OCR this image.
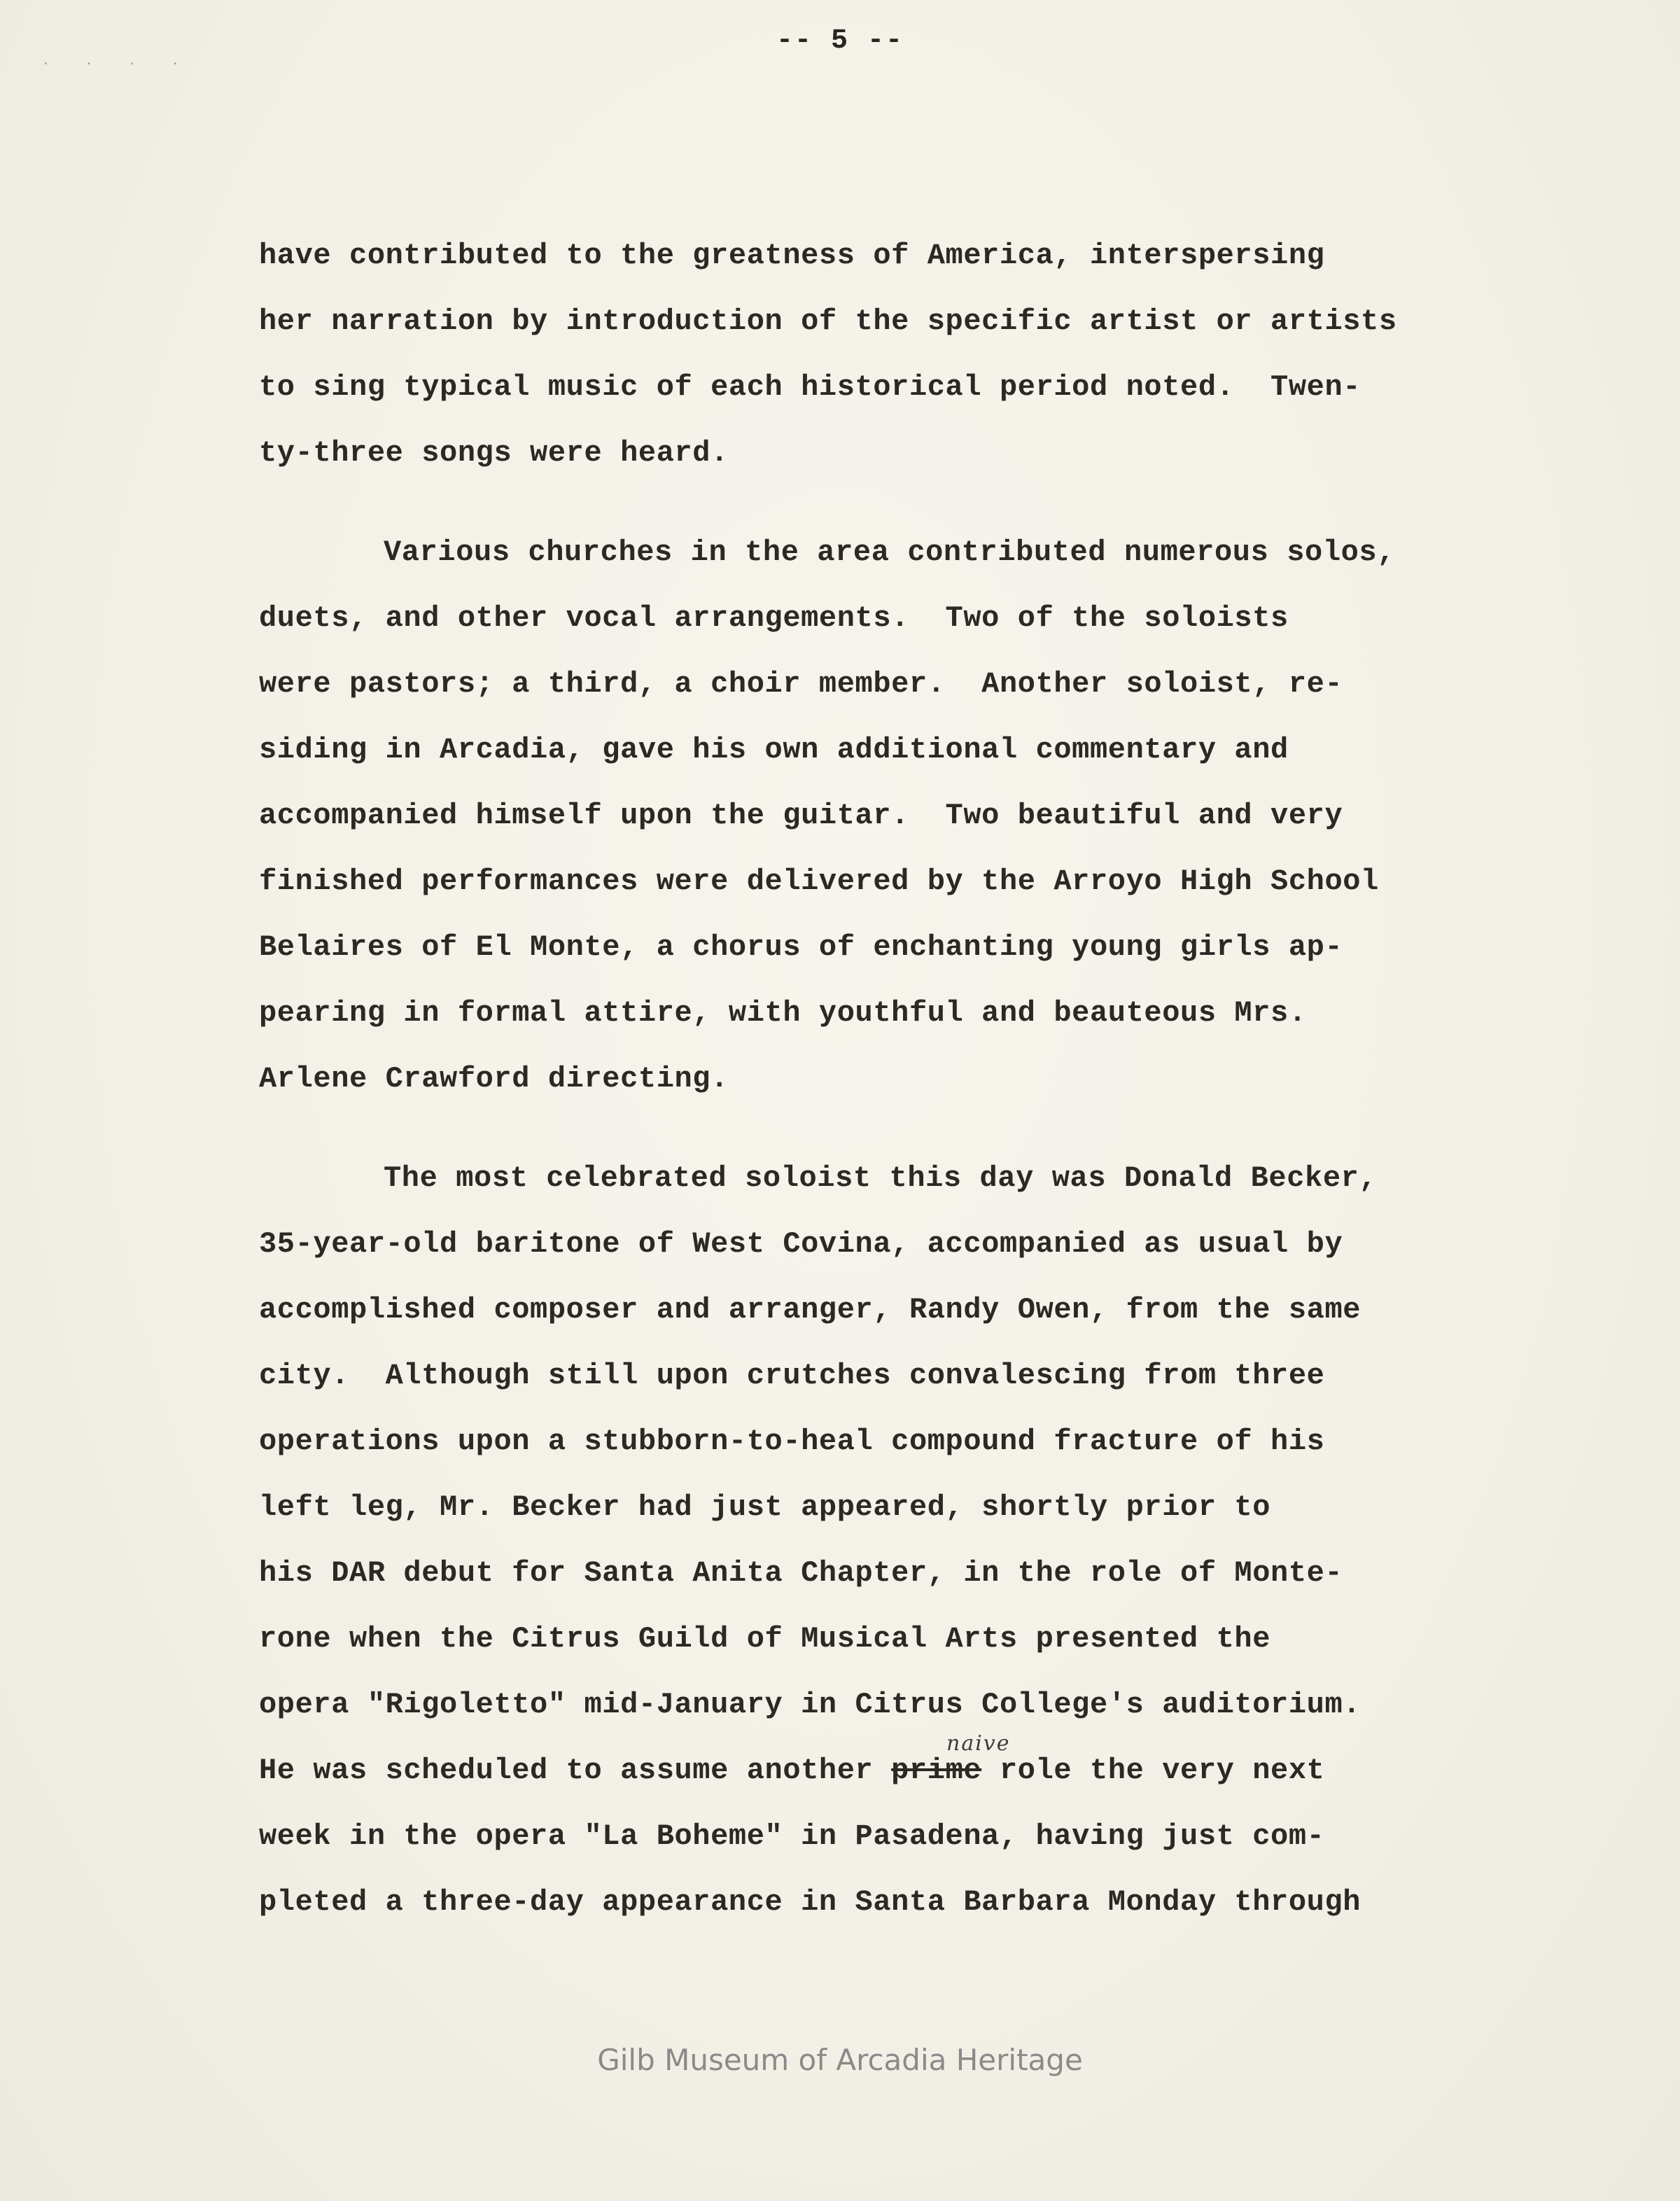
. . . .
-- 5 --
have contributed to the greatness of America, interspersing
her narration by introduction of the specific artist or artists
to sing typical music of each historical period noted.  Twen-
ty-three songs were heard.
Various churches in the area contributed numerous solos,
duets, and other vocal arrangements.  Two of the soloists
were pastors; a third, a choir member.  Another soloist, re-
siding in Arcadia, gave his own additional commentary and
accompanied himself upon the guitar.  Two beautiful and very
finished performances were delivered by the Arroyo High School
Belaires of El Monte, a chorus of enchanting young girls ap-
pearing in formal attire, with youthful and beauteous Mrs.
Arlene Crawford directing.
The most celebrated soloist this day was Donald Becker,
35-year-old baritone of West Covina, accompanied as usual by
accomplished composer and arranger, Randy Owen, from the same
city.  Although still upon crutches convalescing from three
operations upon a stubborn-to-heal compound fracture of his
left leg, Mr. Becker had just appeared, shortly prior to
his DAR debut for Santa Anita Chapter, in the role of Monte-
rone when the Citrus Guild of Musical Arts presented the
opera "Rigoletto" mid-January in Citrus College's auditorium.
He was scheduled to assume another prime role the very next
week in the opera "La Boheme" in Pasadena, having just com-
pleted a three-day appearance in Santa Barbara Monday through
naive
Gilb Museum of Arcadia Heritage
